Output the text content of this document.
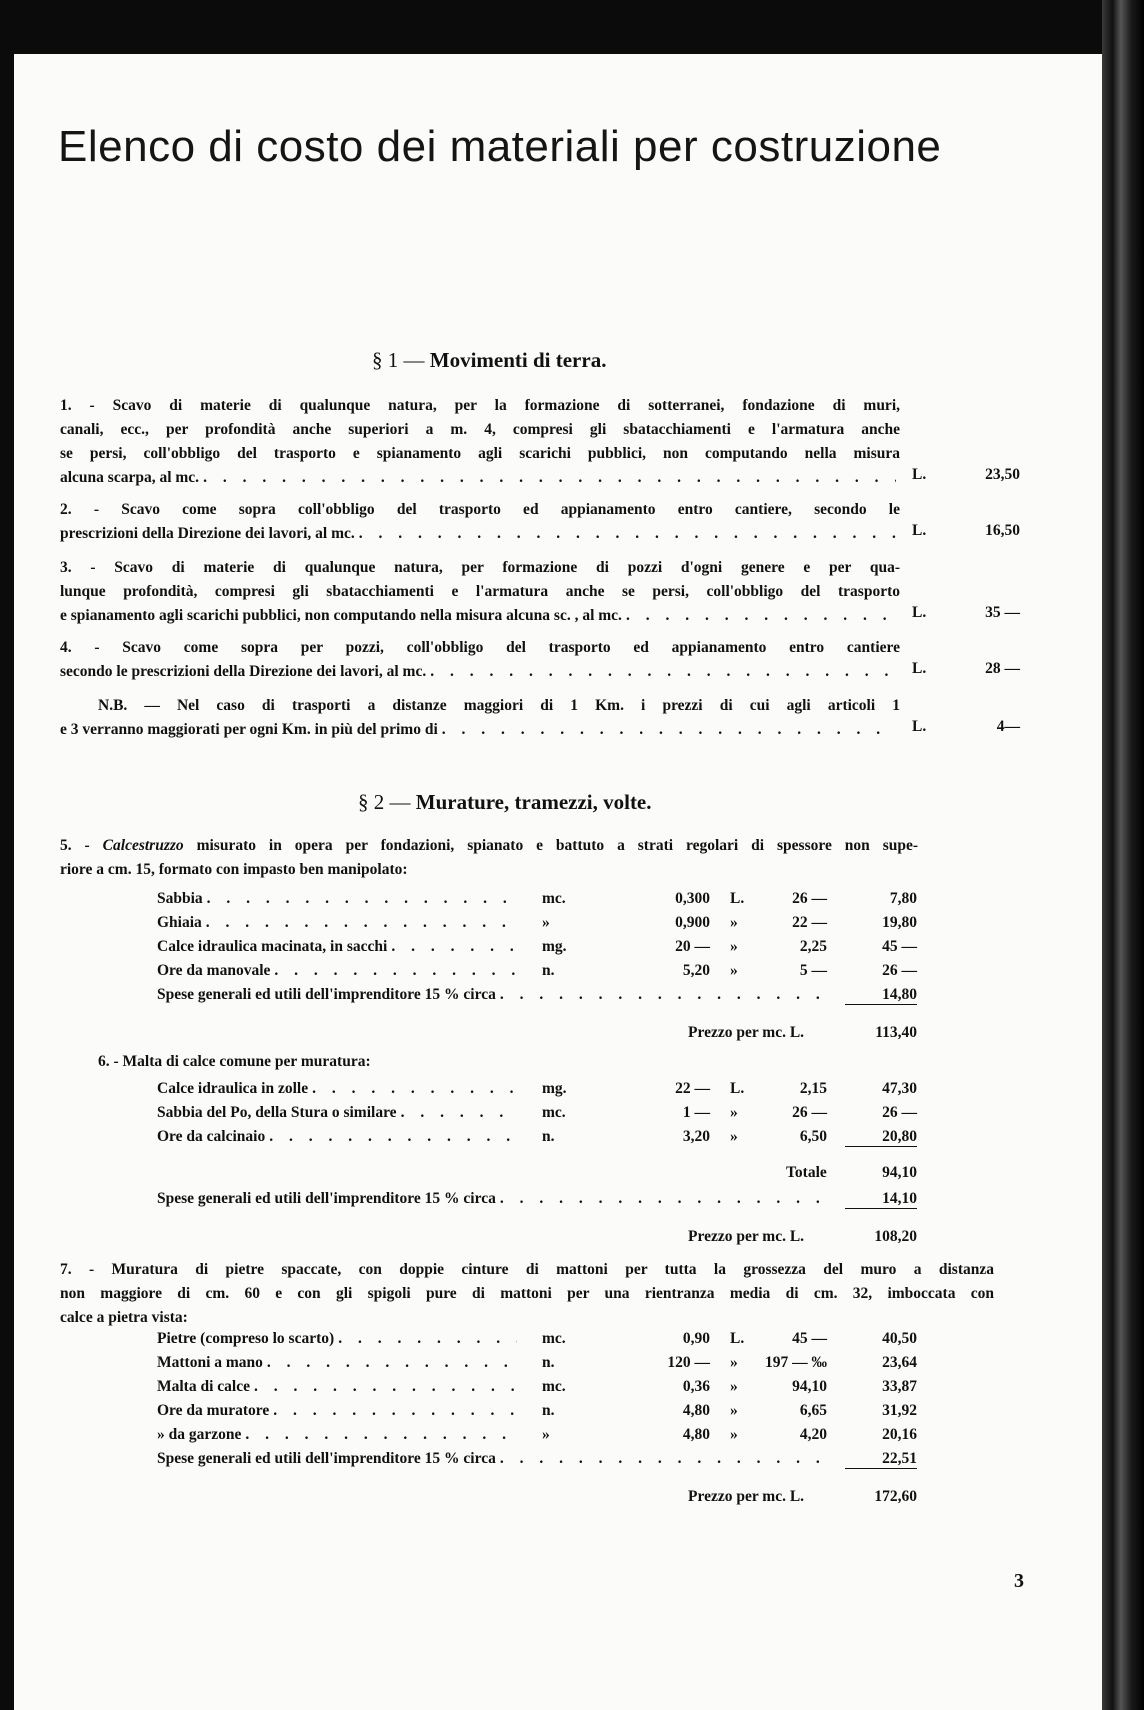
Elenco di costo dei materiali per costruzione
§ 1 — Movimenti di terra.
1. - Scavo di materie di qualunque natura, per la formazione di sotterranei, fondazione di muri,
canali, ecc., per profondità anche superiori a m. 4, compresi gli sbatacchiamenti e l'armatura anche
se persi, coll'obbligo del trasporto e spianamento agli scarichi pubblici, non computando nella misura
alcuna scarpa, al mc. . . .	L.	23,50
2. - Scavo come sopra coll'obbligo del trasporto ed appianamento entro cantiere, secondo le
prescrizioni della Direzione dei lavori, al mc. . . .	L.	16,50
3. - Scavo di materie di qualunque natura, per formazione di pozzi d'ogni genere e per qua-
lunque profondità, compresi gli sbatacchiamenti e l'armatura anche se persi, coll'obbligo del trasporto
e spianamento agli scarichi pubblici, non computando nella misura alcuna sc. , al mc. . . .	L.	35 —
4. - Scavo come sopra per pozzi, coll'obbligo del trasporto ed appianamento entro cantiere
secondo le prescrizioni della Direzione dei lavori, al mc. . . .	L.	28 —
N.B. — Nel caso di trasporti a distanze maggiori di 1 Km. i prezzi di cui agli articoli 1
e 3 verranno maggiorati per ogni Km. in più del primo di . . .	L.	4—
§ 2 — Murature, tramezzi, volte.
5. - Calcestruzzo misurato in opera per fondazioni, spianato e battuto a strati regolari di spessore non supe-
riore a cm. 15, formato con impasto ben manipolato:
Sabbia . . .	mc.	0,300 L.	26 —	7,80
Ghiaia . . .	»	0,900 »	22 —	19,80
Calce idraulica macinata, in sacchi . . .	mg.	20 — »	2,25	45 —
Ore da manovale . . .	n.	5,20 »	5 —	26 —
Spese generali ed utili dell'imprenditore 15 % circa . . .	14,80
Prezzo per mc. L.	113,40
6. - Malta di calce comune per muratura:
Calce idraulica in zolle . . .	mg.	22 — L.	2,15	47,30
Sabbia del Po, della Stura o similare . . .	mc.	1 — »	26 —	26 —
Ore da calcinaio . . .	n.	3,20 »	6,50	20,80
Totale	94,10
Spese generali ed utili dell'imprenditore 15 % circa . . .	14,10
Prezzo per mc. L.	108,20
7. - Muratura di pietre spaccate, con doppie cinture di mattoni per tutta la grossezza del muro a distanza
non maggiore di cm. 60 e con gli spigoli pure di mattoni per una rientranza media di cm. 32, imboccata con
calce a pietra vista:
Pietre (compreso lo scarto) . . .	mc.	0,90 L.	45 —	40,50
Mattoni a mano . . .	n.	120 — »	197 — ‰	23,64
Malta di calce . . .	mc.	0,36 »	94,10	33,87
Ore da muratore . . .	n.	4,80 »	6,65	31,92
» da garzone . . .	»	4,80 »	4,20	20,16
Spese generali ed utili dell'imprenditore 15 % circa . . .	22,51
Prezzo per mc. L.	172,60
3
